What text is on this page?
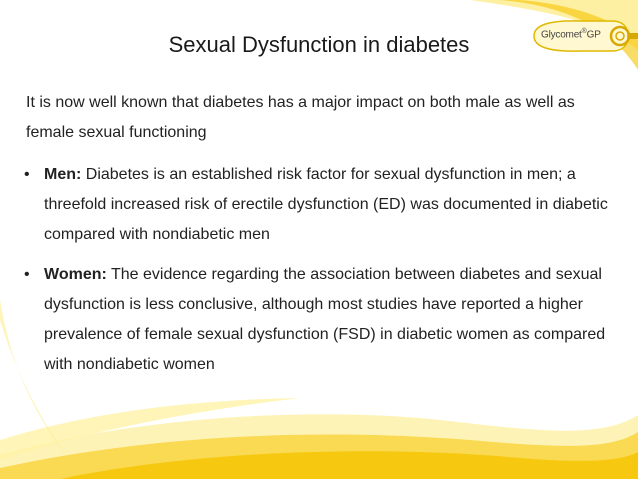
Sexual Dysfunction in diabetes	Glycomet®GP

It is now well known that diabetes has a major impact on both male as well as female sexual functioning

• Men: Diabetes is an established risk factor for sexual dysfunction in men; a threefold increased risk of erectile dysfunction (ED) was documented in diabetic compared with nondiabetic men
• Women: The evidence regarding the association between diabetes and sexual dysfunction is less conclusive, although most studies have reported a higher prevalence of female sexual dysfunction (FSD) in diabetic women as compared with nondiabetic women
